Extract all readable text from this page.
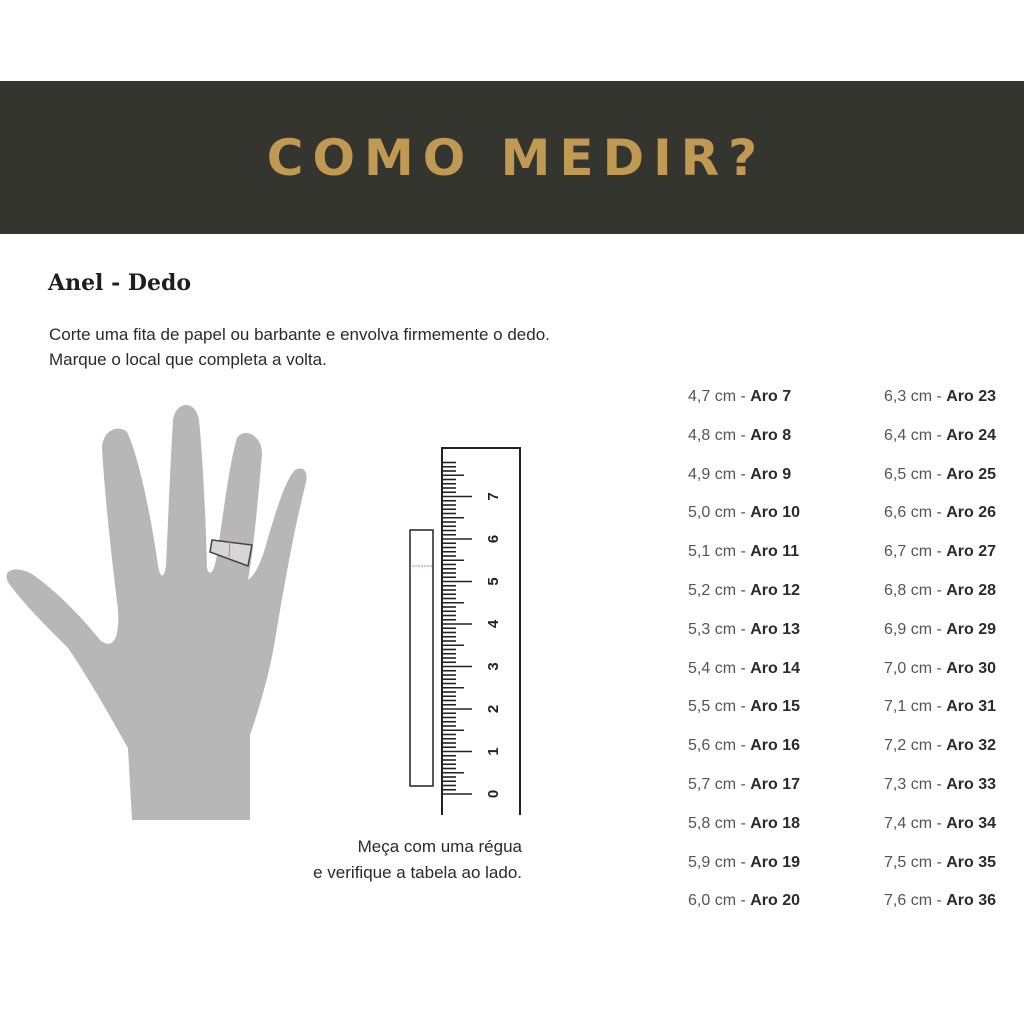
COMO MEDIR?
Anel - Dedo
Corte uma fita de papel ou barbante e envolva firmemente o dedo.
Marque o local que completa a volta.
0
1
2
3
4
5
6
7
Meça com uma régua
e verifique a tabela ao lado.
4,7 cm - Aro 7
4,8 cm - Aro 8
4,9 cm - Aro 9
5,0 cm - Aro 10
5,1 cm - Aro 11
5,2 cm - Aro 12
5,3 cm - Aro 13
5,4 cm - Aro 14
5,5 cm - Aro 15
5,6 cm - Aro 16
5,7 cm - Aro 17
5,8 cm - Aro 18
5,9 cm - Aro 19
6,0 cm - Aro 20
6,3 cm - Aro 23
6,4 cm - Aro 24
6,5 cm - Aro 25
6,6 cm - Aro 26
6,7 cm - Aro 27
6,8 cm - Aro 28
6,9 cm - Aro 29
7,0 cm - Aro 30
7,1 cm - Aro 31
7,2 cm - Aro 32
7,3 cm - Aro 33
7,4 cm - Aro 34
7,5 cm - Aro 35
7,6 cm - Aro 36
